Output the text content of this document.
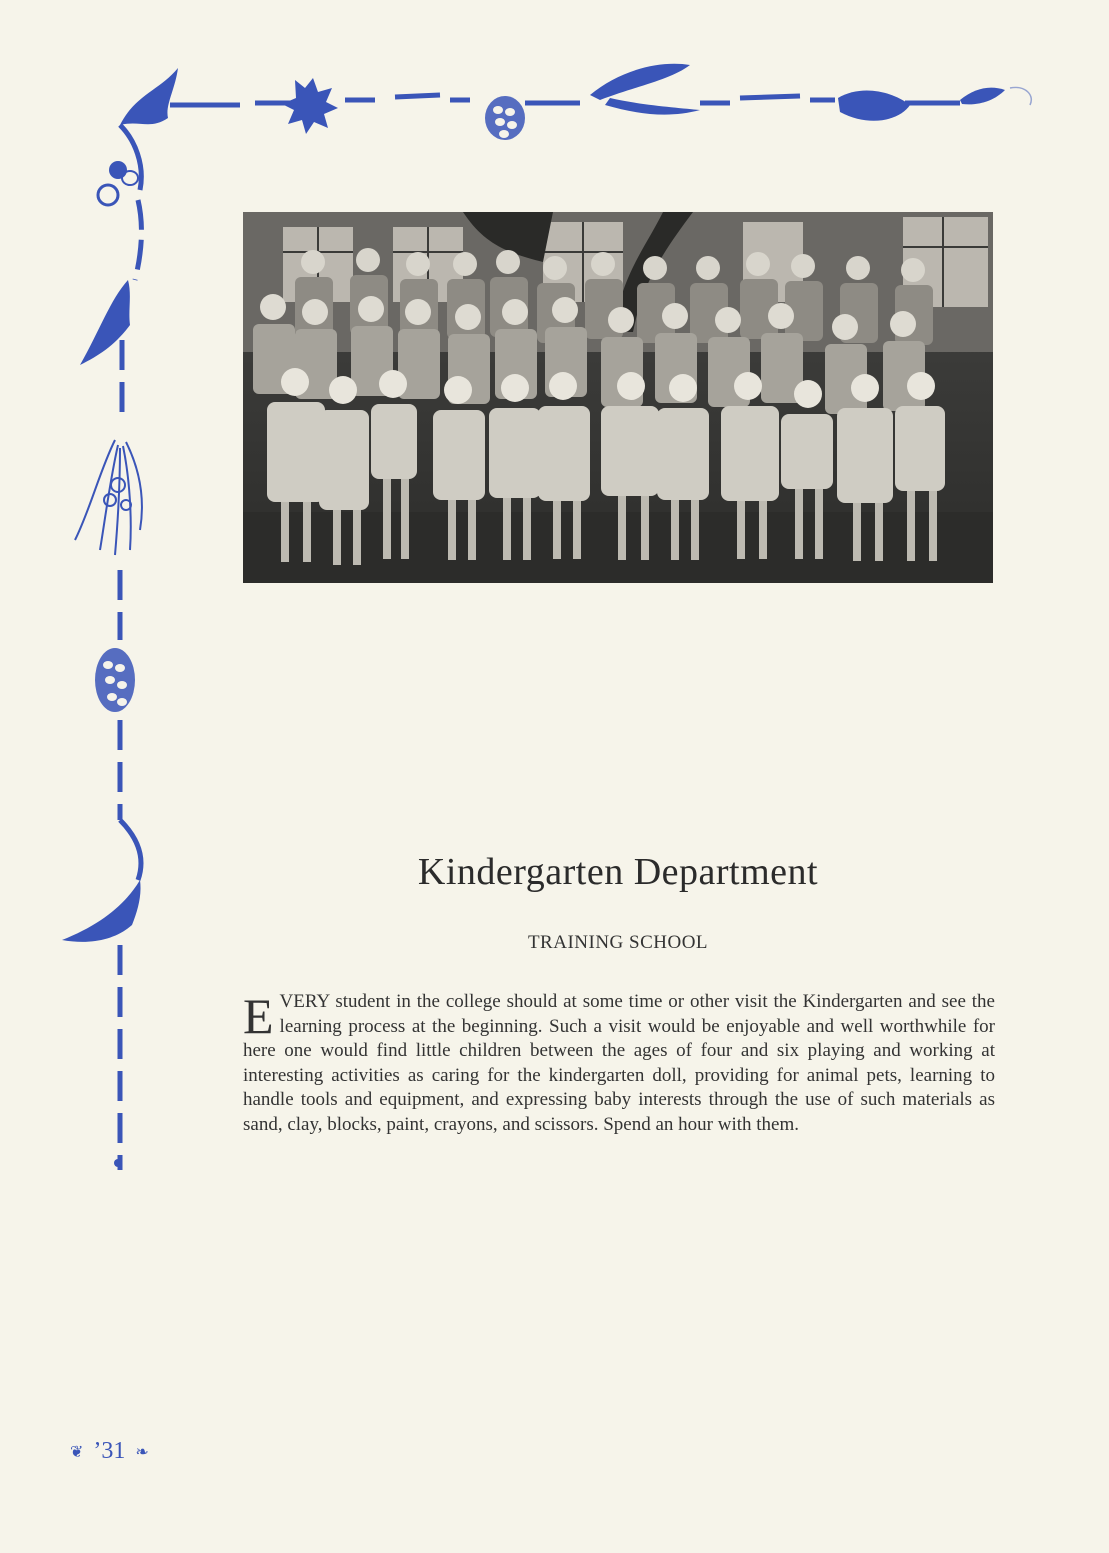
Kindergarten Department
TRAINING SCHOOL

EVERY student in the college should at some time or other visit the Kindergarten and see the learning process at the beginning. Such a visit would be enjoyable and well worthwhile for here one would find little children between the ages of four and six playing and working at interesting activities as caring for the kindergarten doll, providing for animal pets, learning to handle tools and equipment, and expressing baby interests through the use of such materials as sand, clay, blocks, paint, crayons, and scissors. Spend an hour with them.

❦ ’31 ❧
